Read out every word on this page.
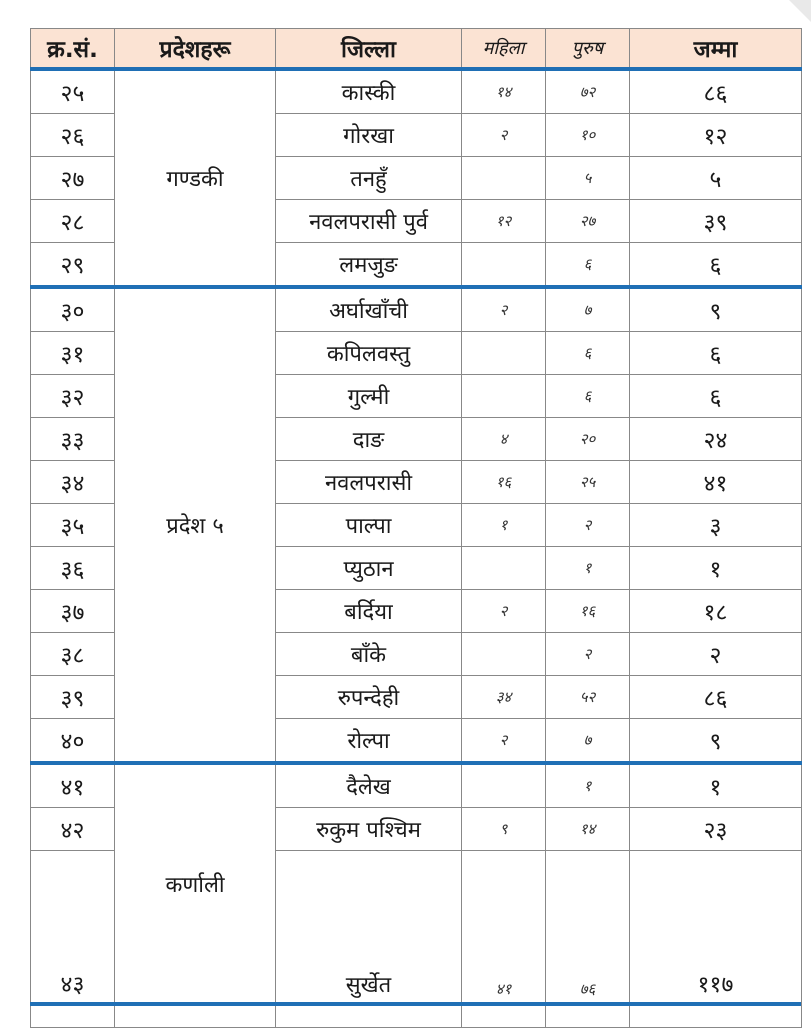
क्र.सं.	प्रदेशहरू	जिल्ला	महिला	पुरुष	जम्मा
२५	गण्डकी	कास्की	१४	७२	८६
२६		गोरखा	२	१०	१२
२७		तनहुँ		५	५
२८		नवलपरासी पुर्व	१२	२७	३९
२९		लमजुङ		६	६
३०	प्रदेश ५	अर्घाखाँची	२	७	९
३१		कपिलवस्तु		६	६
३२		गुल्मी		६	६
३३		दाङ	४	२०	२४
३४		नवलपरासी	१६	२५	४१
३५		पाल्पा	१	२	३
३६		प्युठान		१	१
३७		बर्दिया	२	१६	१८
३८		बाँके		२	२
३९		रुपन्देही	३४	५२	८६
४०		रोल्पा	२	७	९
४१	कर्णाली	दैलेख		१	१
४२		रुकुम पश्चिम	९	१४	२३
४३		सुर्खेत	४१	७६	११७
